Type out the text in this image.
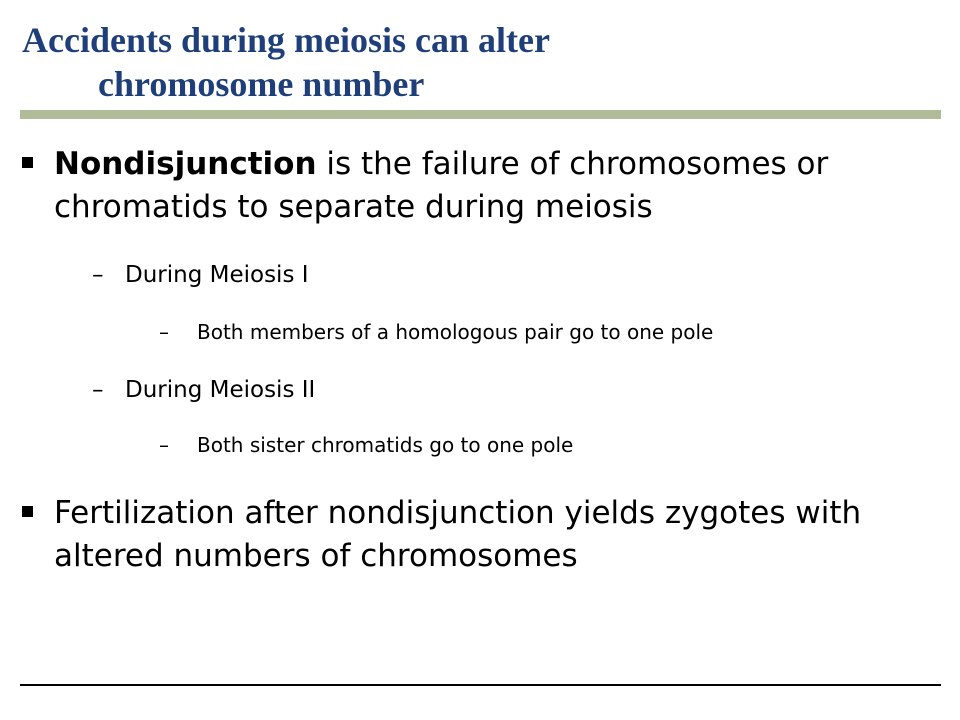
Accidents during meiosis can alter
chromosome number
Nondisjunction is the failure of chromosomes or chromatids to separate during meiosis
– During Meiosis I
– Both members of a homologous pair go to one pole
– During Meiosis II
– Both sister chromatids go to one pole
Fertilization after nondisjunction yields zygotes with altered numbers of chromosomes
